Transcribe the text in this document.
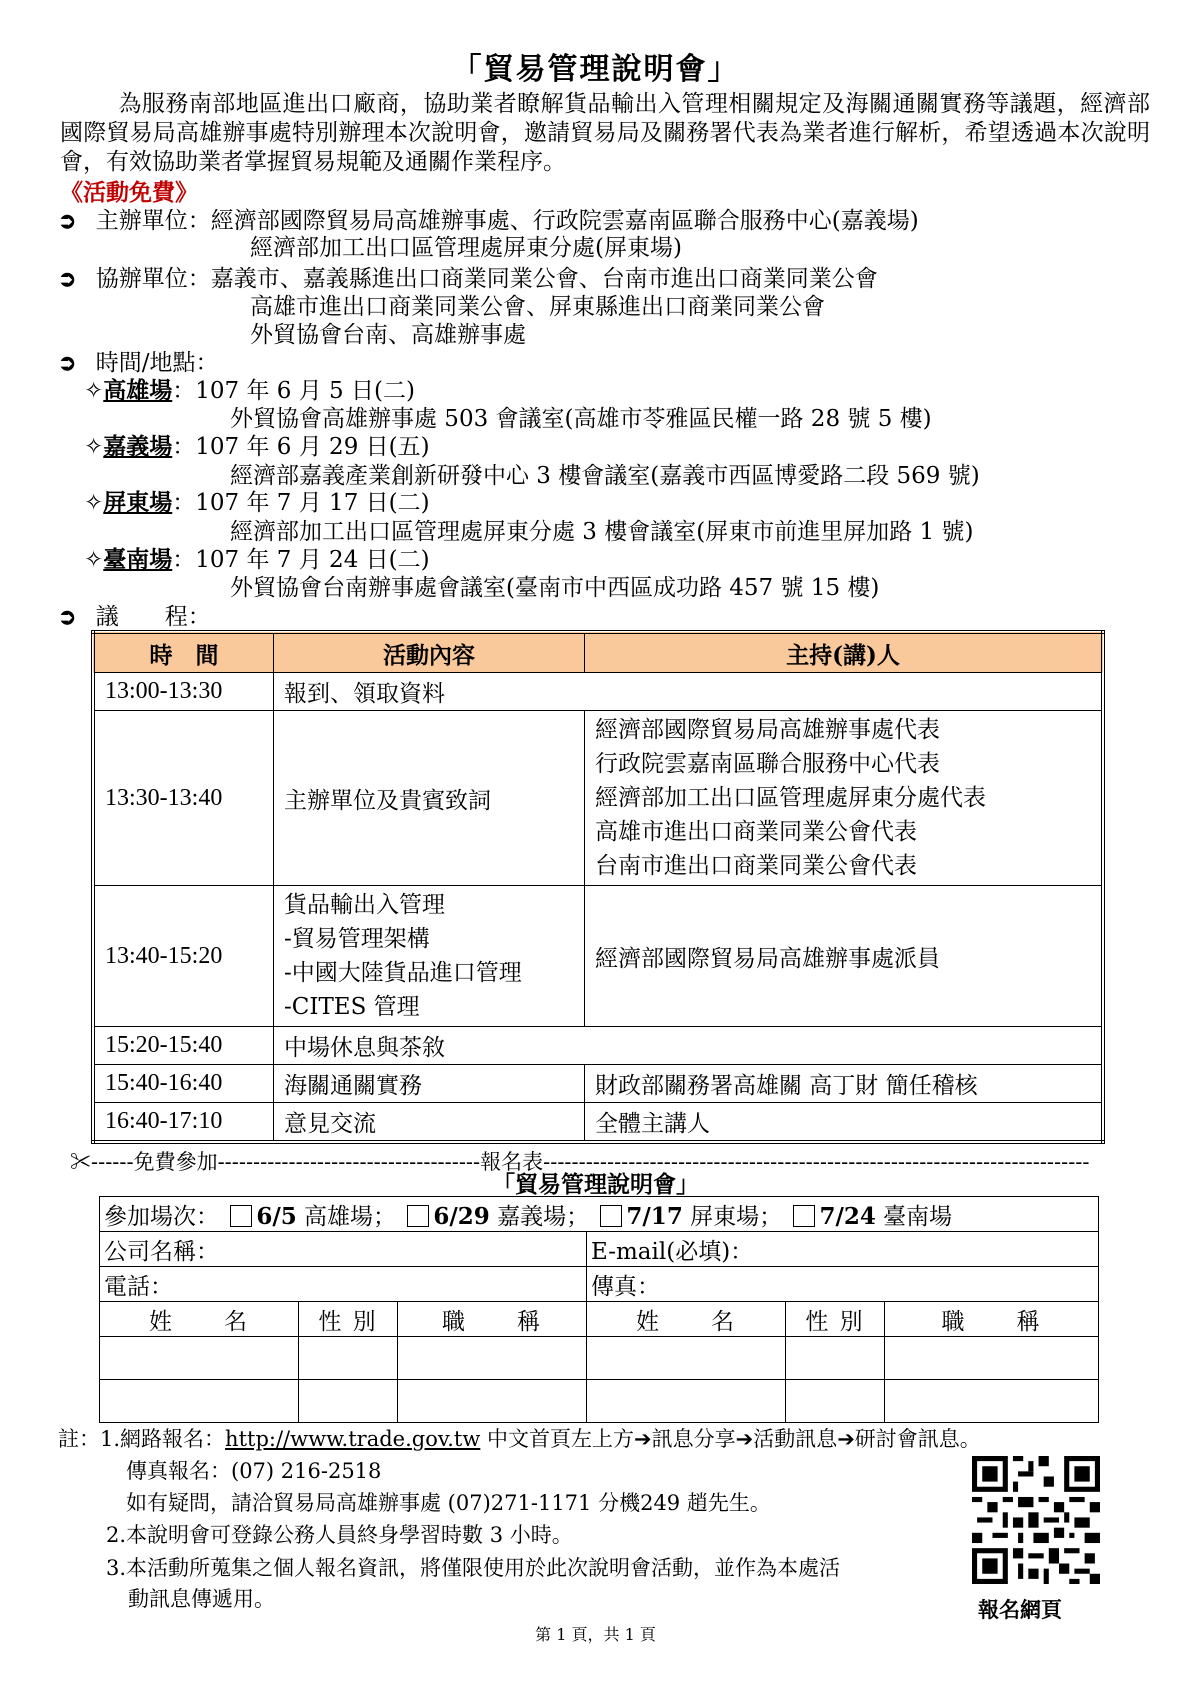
「貿易管理說明會」
為服務南部地區進出口廠商，協助業者瞭解貨品輸出入管理相關規定及海關通關實務等議題，經濟部國際貿易局高雄辦事處特別辦理本次說明會，邀請貿易局及關務署代表為業者進行解析，希望透過本次說明會，有效協助業者掌握貿易規範及通關作業程序。
《活動免費》
➲ 主辦單位：經濟部國際貿易局高雄辦事處、行政院雲嘉南區聯合服務中心(嘉義場)
經濟部加工出口區管理處屏東分處(屏東場)
➲ 協辦單位：嘉義市、嘉義縣進出口商業同業公會、台南市進出口商業同業公會
高雄市進出口商業同業公會、屏東縣進出口商業同業公會
外貿協會台南、高雄辦事處
➲ 時間/地點：
✧高雄場：107 年 6 月 5 日(二)
外貿協會高雄辦事處 503 會議室(高雄市苓雅區民權一路 28 號 5 樓)
✧嘉義場：107 年 6 月 29 日(五)
經濟部嘉義產業創新研發中心 3 樓會議室(嘉義市西區博愛路二段 569 號)
✧屏東場：107 年 7 月 17 日(二)
經濟部加工出口區管理處屏東分處 3 樓會議室(屏東市前進里屏加路 1 號)
✧臺南場：107 年 7 月 24 日(二)
外貿協會台南辦事處會議室(臺南市中西區成功路 457 號 15 樓)
➲ 議　　程：
時　間	活動內容	主持(講)人
13:00-13:30	報到、領取資料	
13:30-13:40	主辦單位及貴賓致詞	經濟部國際貿易局高雄辦事處代表
行政院雲嘉南區聯合服務中心代表
經濟部加工出口區管理處屏東分處代表
高雄市進出口商業同業公會代表
台南市進出口商業同業公會代表

13:40-15:20	貨品輸出入管理
-貿易管理架構
-中國大陸貨品進口管理
-CITES 管理	經濟部國際貿易局高雄辦事處派員
15:20-15:40	中場休息與茶敘	
15:40-16:40	海關通關實務	財政部關務署高雄關 高丁財 簡任稽核
16:40-17:10	意見交流	全體主講人
✂------免費參加-------------------------------------報名表-----------------------------------------------------------------------------
「貿易管理說明會」
參加場次： 6/5 高雄場； 6/29 嘉義場； 7/17 屏東場； 7/24 臺南場					
公司名稱：			E-mail(必填)：		
電話：			傳真：		
姓　　名	性 別	職　　稱	姓　　名	性 別	職　　稱

註：1.網路報名：http://www.trade.gov.tw 中文首頁左上方➔訊息分享➔活動訊息➔研討會訊息。
傳真報名：(07) 216-2518
如有疑問，請洽貿易局高雄辦事處 (07)271-1171 分機249 趙先生。
2.本說明會可登錄公務人員終身學習時數 3 小時。
3.本活動所蒐集之個人報名資訊，將僅限使用於此次說明會活動，並作為本處活
動訊息傳遞用。	報名網頁
第 1 頁，共 1 頁
